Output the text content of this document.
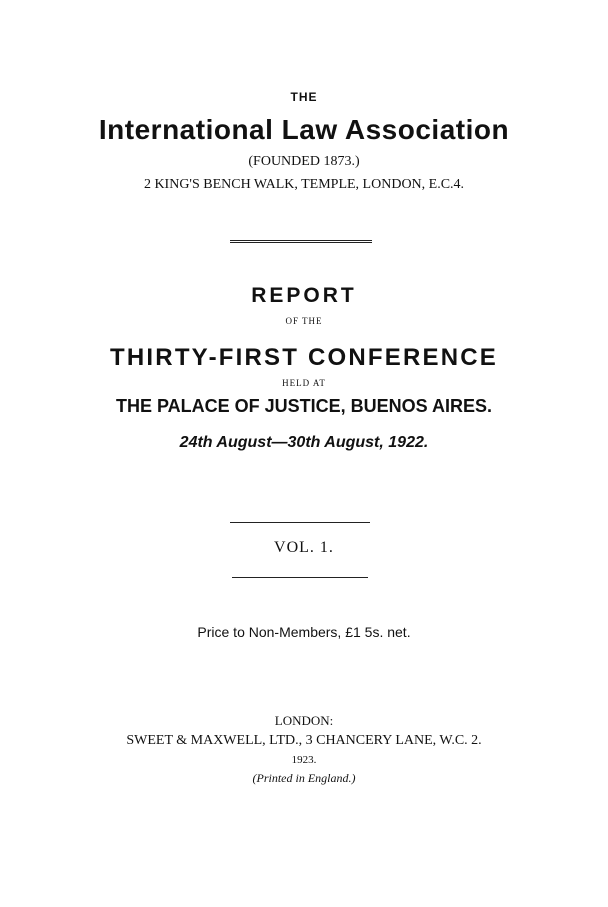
THE
International Law Association
(FOUNDED 1873.)
2 KING'S BENCH WALK, TEMPLE, LONDON, E.C.4.
REPORT
OF THE
THIRTY-FIRST CONFERENCE
HELD AT
THE PALACE OF JUSTICE, BUENOS AIRES.
24th August—30th August, 1922.
VOL. 1.
Price to Non-Members, £1 5s. net.
LONDON:
SWEET & MAXWELL, LTD., 3 CHANCERY LANE, W.C. 2.
1923.
(Printed in England.)
